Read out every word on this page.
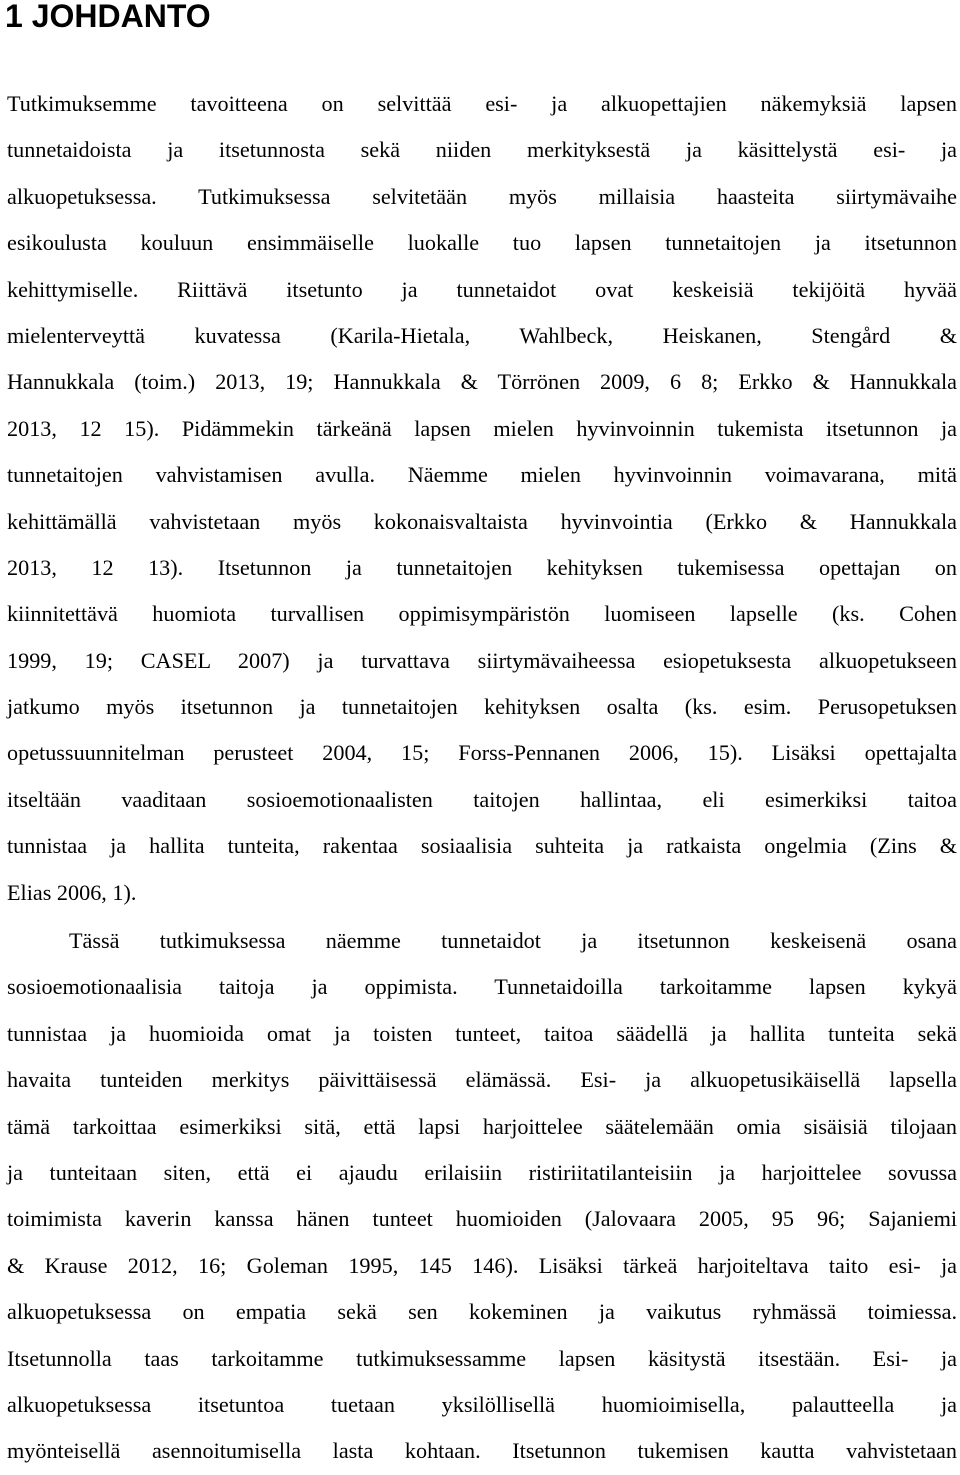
1 JOHDANTO
Tutkimuksemme tavoitteena on selvittää esi- ja alkuopettajien näkemyksiä lapsen
tunnetaidoista ja itsetunnosta sekä niiden merkityksestä ja käsittelystä esi- ja
alkuopetuksessa. Tutkimuksessa selvitetään myös millaisia haasteita siirtymävaihe
esikoulusta kouluun ensimmäiselle luokalle tuo lapsen tunnetaitojen ja itsetunnon
kehittymiselle. Riittävä itsetunto ja tunnetaidot ovat keskeisiä tekijöitä hyvää
mielenterveyttä kuvatessa (Karila-Hietala, Wahlbeck, Heiskanen, Stengård &
Hannukkala (toim.) 2013, 19; Hannukkala & Törrönen 2009, 6 8; Erkko & Hannukkala
2013, 12 15). Pidämmekin tärkeänä lapsen mielen hyvinvoinnin tukemista itsetunnon ja
tunnetaitojen vahvistamisen avulla. Näemme mielen hyvinvoinnin voimavarana, mitä
kehittämällä vahvistetaan myös kokonaisvaltaista hyvinvointia (Erkko & Hannukkala
2013, 12 13). Itsetunnon ja tunnetaitojen kehityksen tukemisessa opettajan on
kiinnitettävä huomiota turvallisen oppimisympäristön luomiseen lapselle (ks. Cohen
1999, 19; CASEL 2007) ja turvattava siirtymävaiheessa esiopetuksesta alkuopetukseen
jatkumo myös itsetunnon ja tunnetaitojen kehityksen osalta (ks. esim. Perusopetuksen
opetussuunnitelman perusteet 2004, 15; Forss-Pennanen 2006, 15). Lisäksi opettajalta
itseltään vaaditaan sosioemotionaalisten taitojen hallintaa, eli esimerkiksi taitoa
tunnistaa ja hallita tunteita, rakentaa sosiaalisia suhteita ja ratkaista ongelmia (Zins &
Elias 2006, 1).
Tässä tutkimuksessa näemme tunnetaidot ja itsetunnon keskeisenä osana
sosioemotionaalisia taitoja ja oppimista. Tunnetaidoilla tarkoitamme lapsen kykyä
tunnistaa ja huomioida omat ja toisten tunteet, taitoa säädellä ja hallita tunteita sekä
havaita tunteiden merkitys päivittäisessä elämässä. Esi- ja alkuopetusikäisellä lapsella
tämä tarkoittaa esimerkiksi sitä, että lapsi harjoittelee säätelemään omia sisäisiä tilojaan
ja tunteitaan siten, että ei ajaudu erilaisiin ristiriitatilanteisiin ja harjoittelee sovussa
toimimista kaverin kanssa hänen tunteet huomioiden (Jalovaara 2005, 95 96; Sajaniemi
& Krause 2012, 16; Goleman 1995, 145 146). Lisäksi tärkeä harjoiteltava taito esi- ja
alkuopetuksessa on empatia sekä sen kokeminen ja vaikutus ryhmässä toimiessa.
Itsetunnolla taas tarkoitamme tutkimuksessamme lapsen käsitystä itsestään. Esi- ja
alkuopetuksessa itsetuntoa tuetaan yksilöllisellä huomioimisella, palautteella ja
myönteisellä asennoitumisella lasta kohtaan. Itsetunnon tukemisen kautta vahvistetaan
